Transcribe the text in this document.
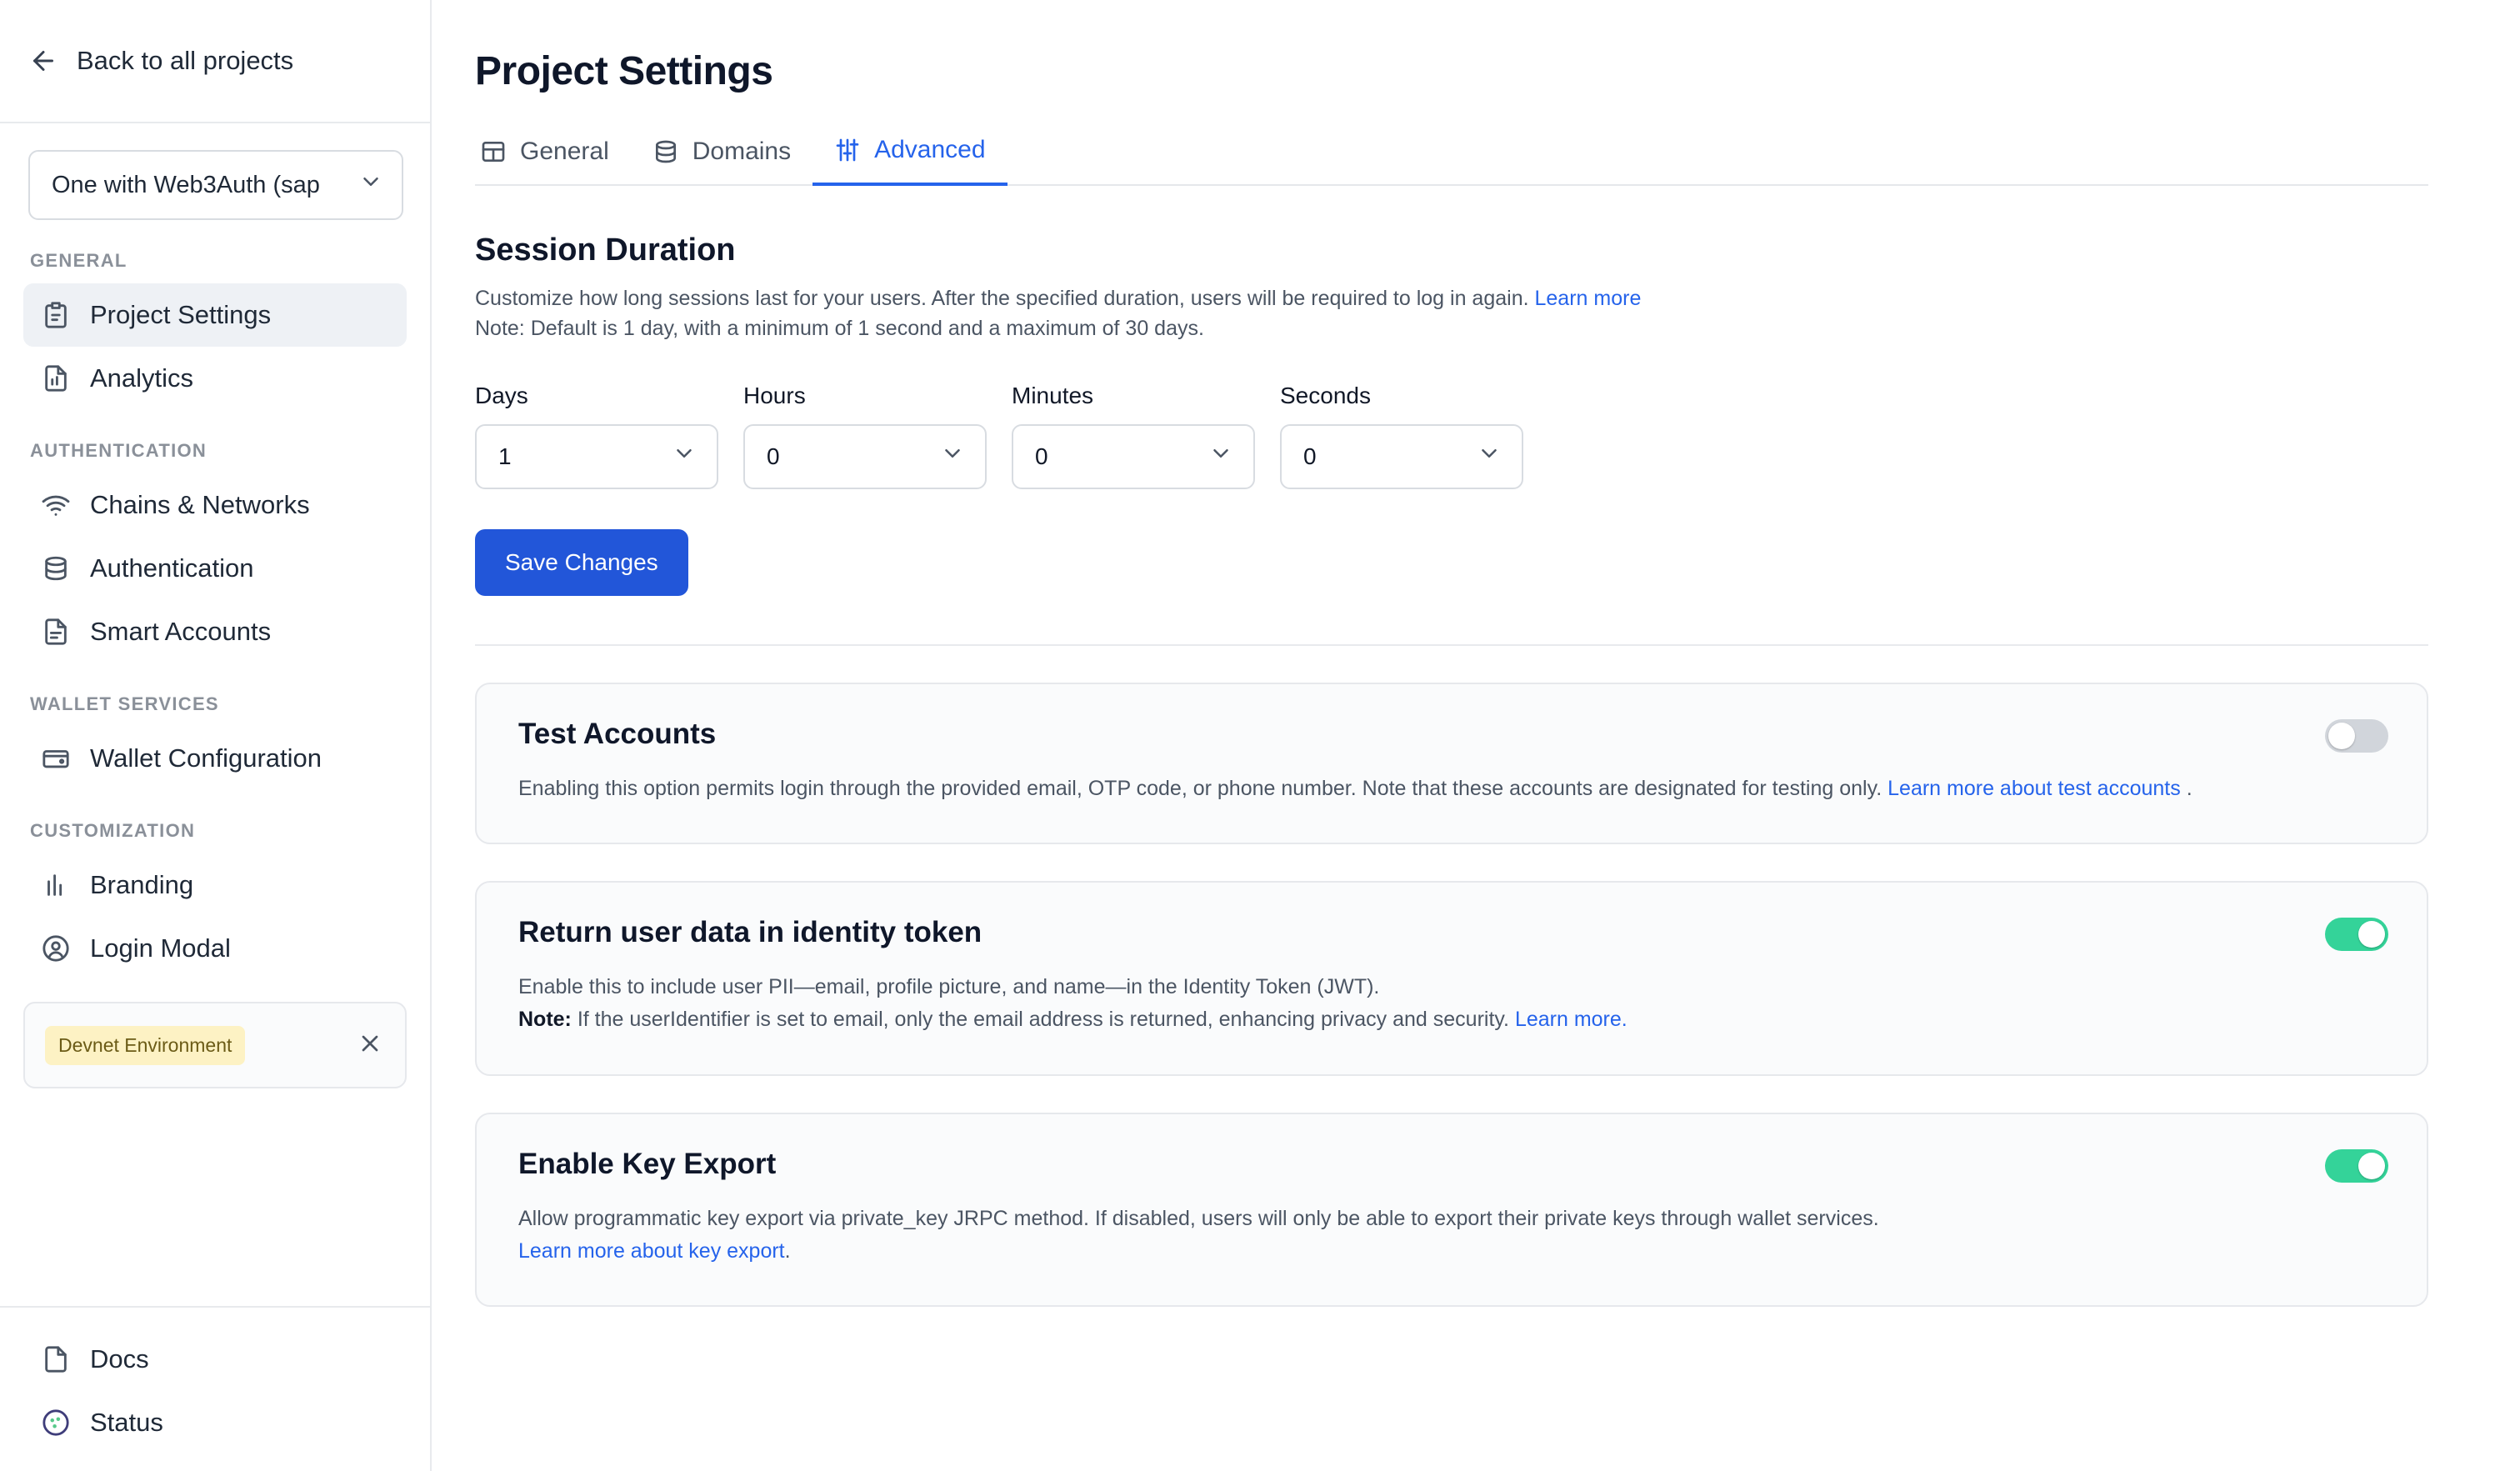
Back to all projects
One with Web3Auth (sap
GENERAL
Project Settings
Analytics
AUTHENTICATION
Chains & Networks
Authentication
Smart Accounts
WALLET SERVICES
Wallet Configuration
CUSTOMIZATION
Branding
Login Modal
Devnet Environment
Docs
Status
Project Settings
General	Domains	Advanced
Session Duration

Customize how long sessions last for your users. After the specified duration, users will be required to log in again. Learn more
Note: Default is 1 day, with a minimum of 1 second and a maximum of 30 days.

Days
1
Hours
0
Minutes
0
Seconds
0
Save Changes
Test Accounts

Enabling this option permits login through the provided email, OTP code, or phone number. Note that these accounts are designated for testing only. Learn more about test accounts .

Return user data in identity token

Enable this to include user PII—email, profile picture, and name—in the Identity Token (JWT).
Note: If the userIdentifier is set to email, only the email address is returned, enhancing privacy and security. Learn more.

Enable Key Export

Allow programmatic key export via private_key JRPC method. If disabled, users will only be able to export their private keys through wallet services.
Learn more about key export.
